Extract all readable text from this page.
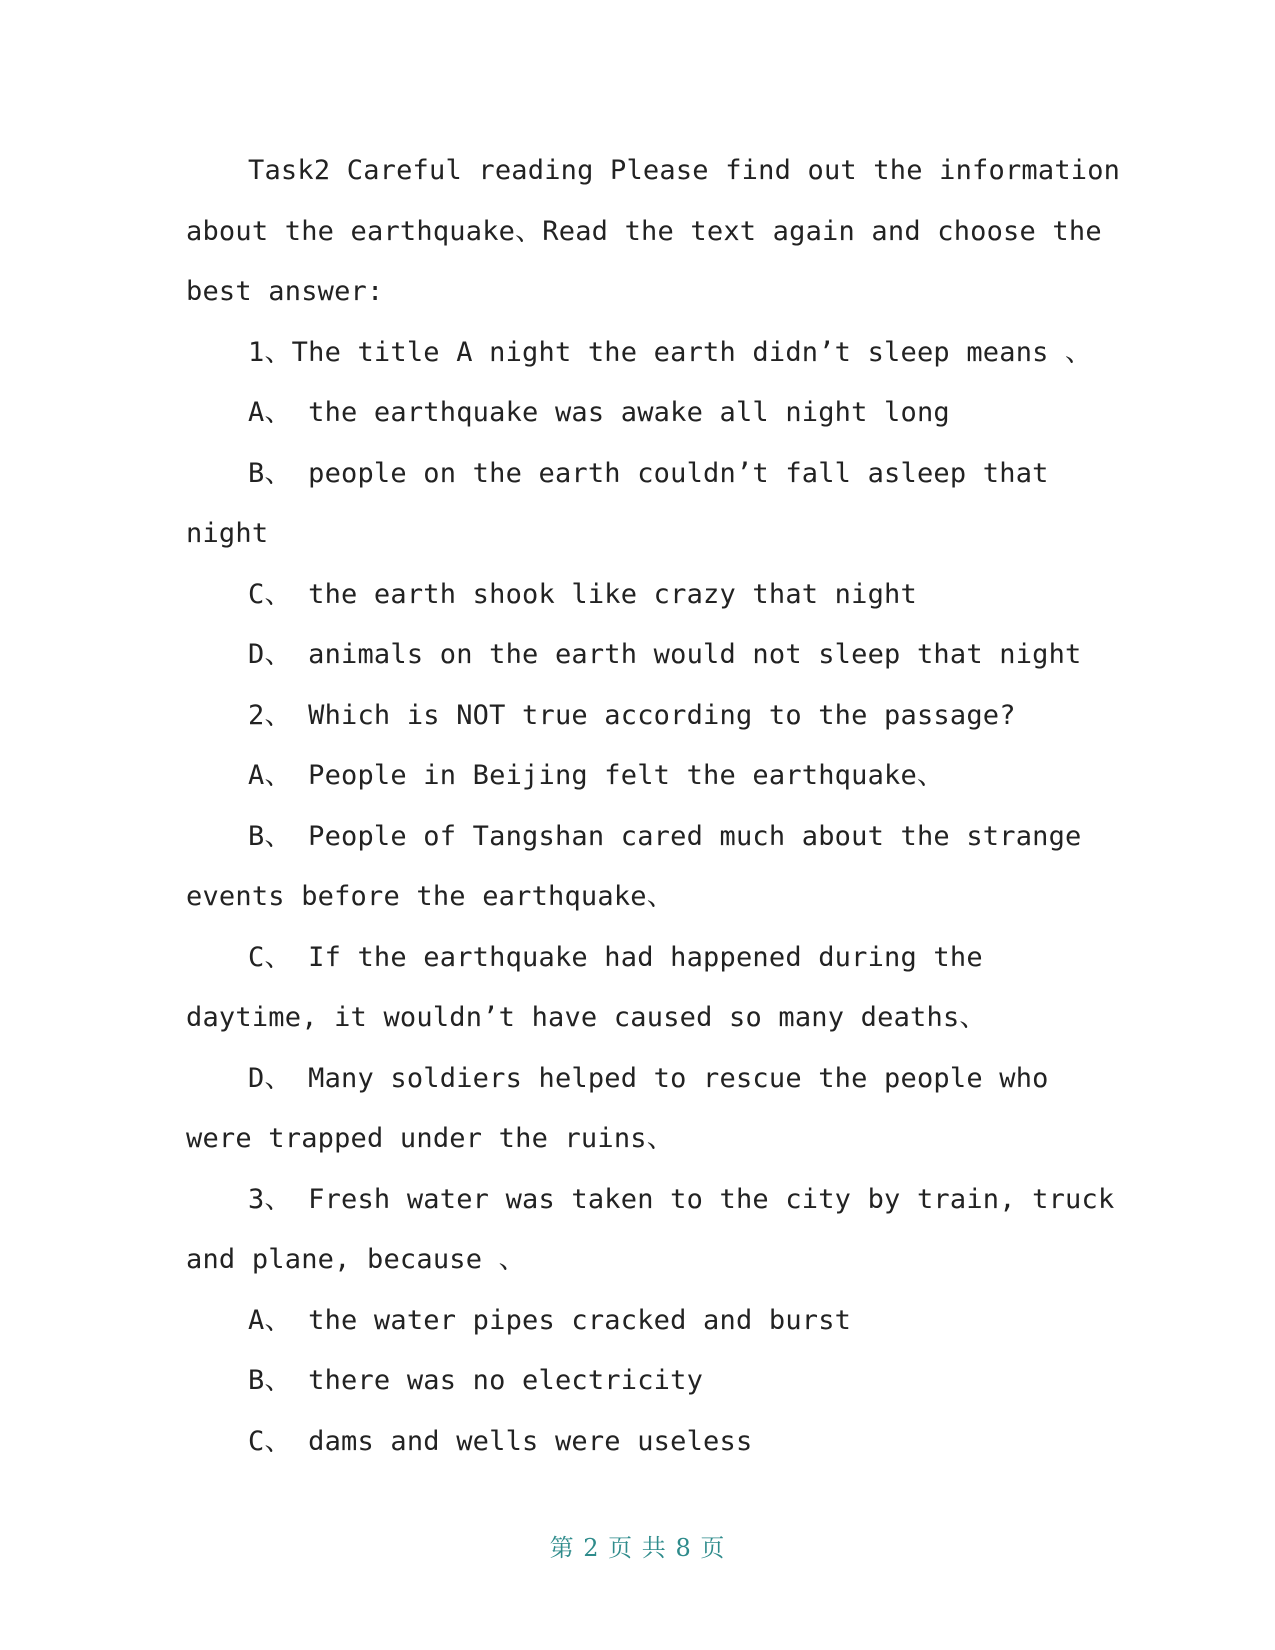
Task2 Careful reading Please find out the information
about the earthquake、Read the text again and choose the
best answer:
1、The title A night the earth didn’t sleep means 、
A、 the earthquake was awake all night long
B、 people on the earth couldn’t fall asleep that
night
C、 the earth shook like crazy that night
D、 animals on the earth would not sleep that night
2、 Which is NOT true according to the passage?
A、 People in Beijing felt the earthquake、
B、 People of Tangshan cared much about the strange
events before the earthquake、
C、 If the earthquake had happened during the
daytime, it wouldn’t have caused so many deaths、
D、 Many soldiers helped to rescue the people who
were trapped under the ruins、
3、 Fresh water was taken to the city by train, truck
and plane, because 、
A、 the water pipes cracked and burst
B、 there was no electricity
C、 dams and wells were useless
第 2 页 共 8 页
